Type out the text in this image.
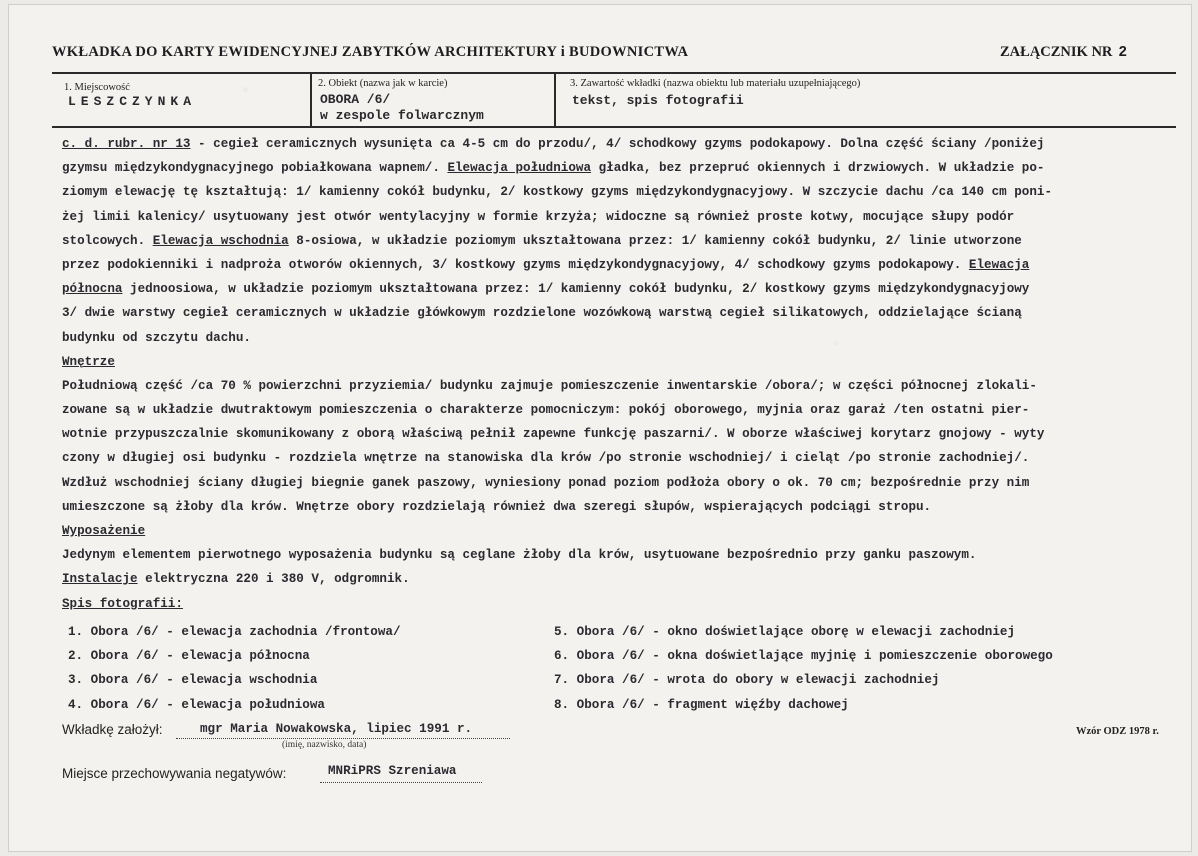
WKŁADKA DO KARTY EWIDENCYJNEJ ZABYTKÓW ARCHITEKTURY i BUDOWNICTWA	ZAŁĄCZNIK NR 2
1. Miejscowość
LESZCZYNKA
2. Obiekt (nazwa jak w karcie)
OBORA /6/
w zespole folwarcznym
3. Zawartość wkładki (nazwa obiektu lub materiału uzupełniającego)
tekst, spis fotografii
c. d. rubr. nr 13 - cegieł ceramicznych wysunięta ca 4-5 cm do przodu/, 4/ schodkowy gzyms podokapowy. Dolna część ściany /poniżej
gzymsu międzykondygnacyjnego pobiałkowana wapnem/. Elewacja południowa gładka, bez przepruć okiennych i drzwiowych. W układzie po-
ziomym elewację tę kształtują: 1/ kamienny cokół budynku, 2/ kostkowy gzyms międzykondygnacyjowy. W szczycie dachu /ca 140 cm poni-
żej limii kalenicy/ usytuowany jest otwór wentylacyjny w formie krzyża; widoczne są również proste kotwy, mocujące słupy podór
stolcowych. Elewacja wschodnia 8-osiowa, w układzie poziomym ukształtowana przez: 1/ kamienny cokół budynku, 2/ linie utworzone
przez podokienniki i nadproża otworów okiennych, 3/ kostkowy gzyms międzykondygnacyjowy, 4/ schodkowy gzyms podokapowy. Elewacja
północna jednoosiowa, w układzie poziomym ukształtowana przez: 1/ kamienny cokół budynku, 2/ kostkowy gzyms międzykondygnacyjowy
3/ dwie warstwy cegieł ceramicznych w układzie główkowym rozdzielone wozówkową warstwą cegieł silikatowych, oddzielające ścianą
budynku od szczytu dachu.
Wnętrze
Południową część /ca 70 % powierzchni przyziemia/ budynku zajmuje pomieszczenie inwentarskie /obora/; w części północnej zlokali-
zowane są w układzie dwutraktowym pomieszczenia o charakterze pomocniczym: pokój oborowego, myjnia oraz garaż /ten ostatni pier-
wotnie przypuszczalnie skomunikowany z oborą właściwą pełnił zapewne funkcję paszarni/. W oborze właściwej korytarz gnojowy - wyty
czony w długiej osi budynku - rozdziela wnętrze na stanowiska dla krów /po stronie wschodniej/ i cieląt /po stronie zachodniej/.
Wzdłuż wschodniej ściany długiej biegnie ganek paszowy, wyniesiony ponad poziom podłoża obory o ok. 70 cm; bezpośrednie przy nim
umieszczone są żłoby dla krów. Wnętrze obory rozdzielają również dwa szeregi słupów, wspierających podciągi stropu.
Wyposażenie
Jedynym elementem pierwotnego wyposażenia budynku są ceglane żłoby dla krów, usytuowane bezpośrednio przy ganku paszowym.
Instalacje elektryczna 220 i 380 V, odgromnik.
Spis fotografii:
1. Obora /6/ - elewacja zachodnia /frontowa/
2. Obora /6/ - elewacja północna
3. Obora /6/ - elewacja wschodnia
4. Obora /6/ - elewacja południowa
5. Obora /6/ - okno doświetlające oborę w elewacji zachodniej
6. Obora /6/ - okna doświetlające myjnię i pomieszczenie oborowego
7. Obora /6/ - wrota do obory w elewacji zachodniej
8. Obora /6/ - fragment więźby dachowej
Wkładkę założył:	mgr Maria Nowakowska, lipiec 1991 r.
(imię, nazwisko, data)
Wzór ODZ 1978 r.
Miejsce przechowywania negatywów:	MNRiPRS Szreniawa
